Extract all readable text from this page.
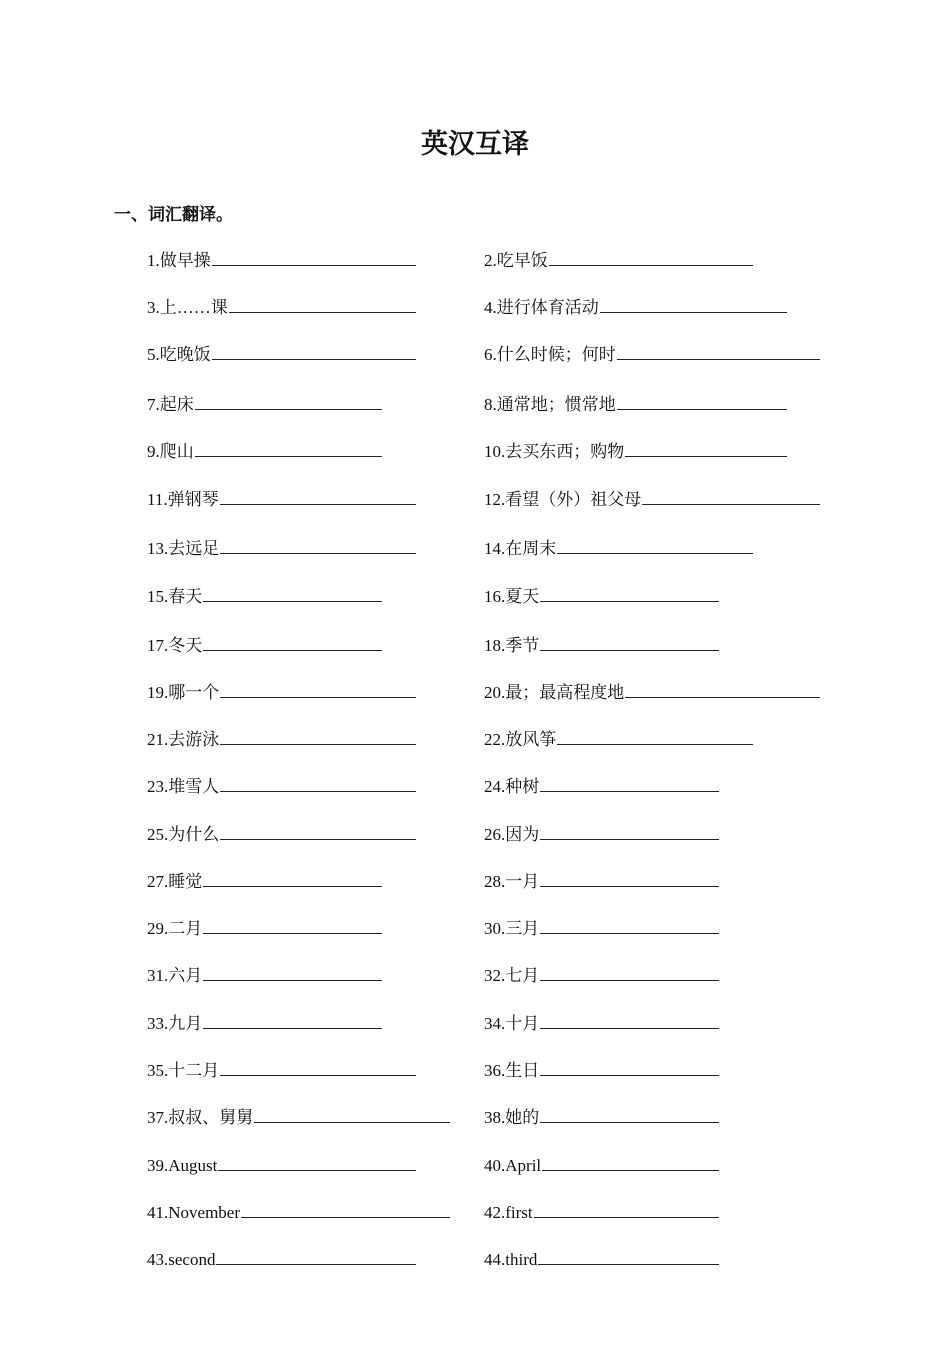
英汉互译
一、词汇翻译。
1.做早操	2.吃早饭
3.上……课	4.进行体育活动
5.吃晚饭	6.什么时候；何时
7.起床	8.通常地；惯常地
9.爬山	10.去买东西；购物
11.弹钢琴	12.看望（外）祖父母
13.去远足	14.在周末
15.春天	16.夏天
17.冬天	18.季节
19.哪一个	20.最；最高程度地
21.去游泳	22.放风筝
23.堆雪人	24.种树
25.为什么	26.因为
27.睡觉	28.一月
29.二月	30.三月
31.六月	32.七月
33.九月	34.十月
35.十二月	36.生日
37.叔叔、舅舅	38.她的
39.August	40.April
41.November	42.first
43.second	44.third
